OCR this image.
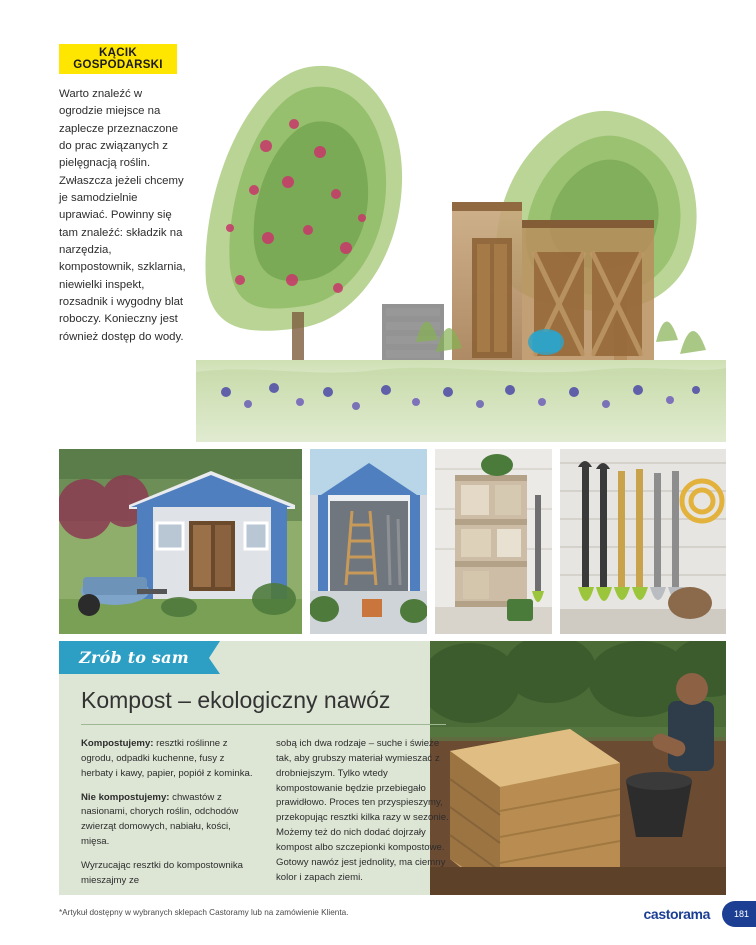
KĄCIK
GOSPODARSKI
Warto znaleźć w ogrodzie miejsce na zaplecze przeznaczone do prac związanych z pielęgnacją roślin. Zwłaszcza jeżeli chcemy je samodzielnie uprawiać. Powinny się tam znaleźć: składzik na narzędzia, kompostownik, szklarnia, niewielki inspekt, rozsadnik i wygodny blat roboczy. Konieczny jest również dostęp do wody.
Zrób to sam
Kompost – ekologiczny nawóz

Kompostujemy: resztki roślinne z ogrodu, odpadki kuchenne, fusy z herbaty i kawy, papier, popiół z kominka.

Nie kompostujemy: chwastów z nasionami, chorych roślin, odchodów zwierząt domowych, nabiału, kości, mięsa.

Wyrzucając resztki do kompostownika mieszajmy ze

sobą ich dwa rodzaje – suche i świeże tak, aby grubszy materiał wymieszać z drobniejszym. Tylko wtedy kompostowanie będzie przebiegało prawidłowo. Proces ten przyspieszymy, przekopując resztki kilka razy w sezonie. Możemy też do nich dodać dojrzały kompost albo szczepionki kompostowe. Gotowy nawóz jest jednolity, ma ciemny kolor i zapach ziemi.

*Artykuł dostępny w wybranych sklepach Castoramy lub na zamówienie Klienta.	castorama	181
